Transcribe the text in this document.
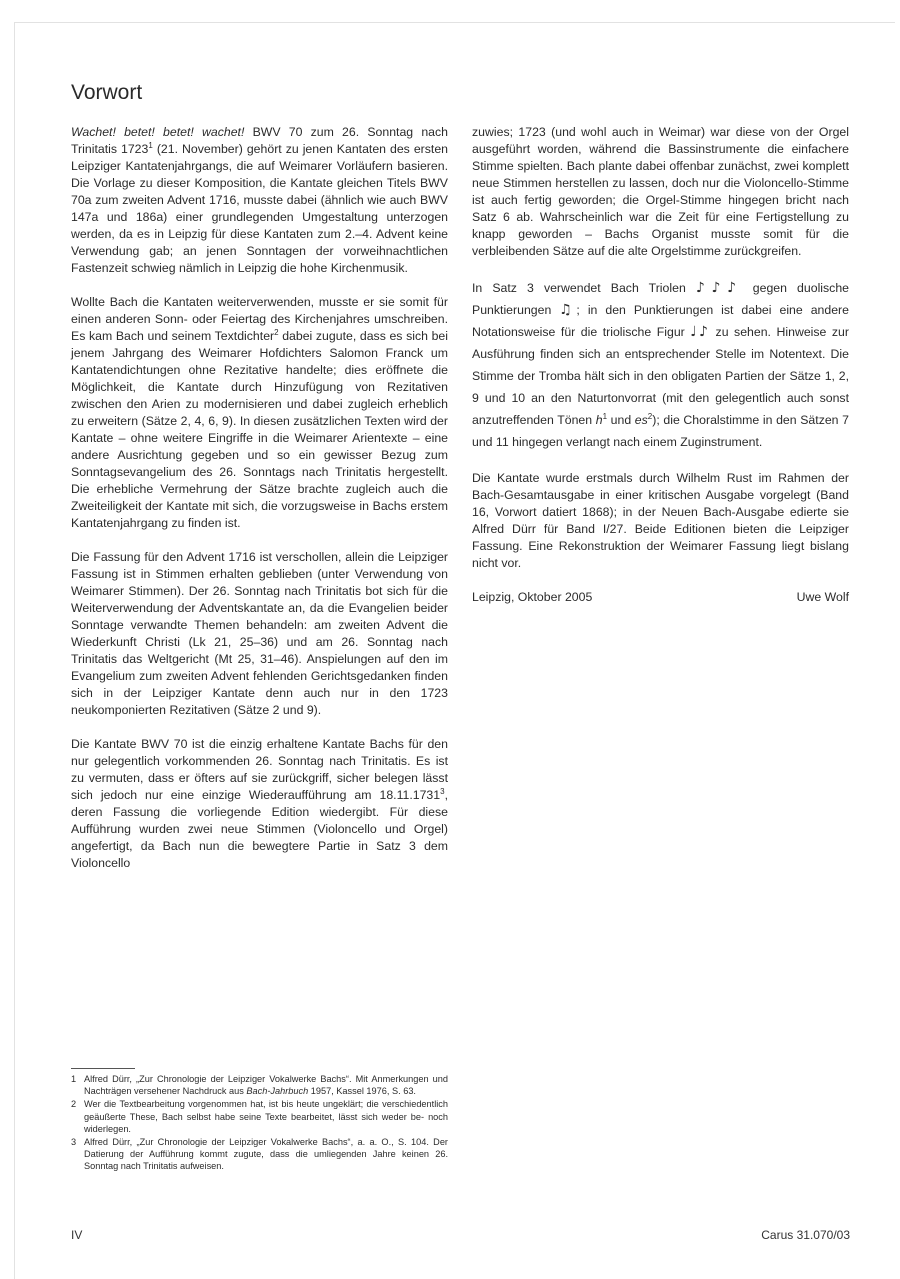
Vorwort

Wachet! betet! betet! wachet! BWV 70 zum 26. Sonntag nach Trinitatis 1723$^1$ (21. November) gehört zu jenen Kantaten des ersten Leipziger Kantatenjahrgangs, die auf Weimarer Vorläufern basieren. Die Vorlage zu dieser Komposition, die Kantate gleichen Titels BWV 70a zum zweiten Advent 1716, musste dabei (ähnlich wie auch BWV 147a und 186a) einer grundlegenden Umgestaltung unterzogen werden, da es in Leipzig für diese Kantaten zum 2.–4. Advent keine Verwendung gab; an jenen Sonntagen der vorweihnachtlichen Fastenzeit schwieg nämlich in Leipzig die hohe Kirchenmusik.

Wollte Bach die Kantaten weiterverwenden, musste er sie somit für einen anderen Sonn- oder Feiertag des Kirchenjahres umschreiben. Es kam Bach und seinem Textdichter$^2$ dabei zugute, dass es sich bei jenem Jahrgang des Weimarer Hofdichters Salomon Franck um Kantatendichtungen ohne Rezitative handelte; dies eröffnete die Möglichkeit, die Kantate durch Hinzufügung von Rezitativen zwischen den Arien zu modernisieren und dabei zugleich erheblich zu erweitern (Sätze 2, 4, 6, 9). In diesen zusätzlichen Texten wird der Kantate – ohne weitere Eingriffe in die Weimarer Arientexte – eine andere Ausrichtung gegeben und so ein gewisser Bezug zum Sonntagsevangelium des 26. Sonntags nach Trinitatis hergestellt. Die erhebliche Vermehrung der Sätze brachte zugleich auch die Zweiteiligkeit der Kantate mit sich, die vorzugsweise in Bachs erstem Kantatenjahrgang zu finden ist.

Die Fassung für den Advent 1716 ist verschollen, allein die Leipziger Fassung ist in Stimmen erhalten geblieben (unter Verwendung von Weimarer Stimmen). Der 26. Sonntag nach Trinitatis bot sich für die Weiterverwendung der Adventskantate an, da die Evangelien beider Sonntage verwandte Themen behandeln: am zweiten Advent die Wiederkunft Christi (Lk 21, 25–36) und am 26. Sonntag nach Trinitatis das Weltgericht (Mt 25, 31–46). Anspielungen auf den im Evangelium zum zweiten Advent fehlenden Gerichtsgedanken finden sich in der Leipziger Kantate denn auch nur in den 1723 neukomponierten Rezitativen (Sätze 2 und 9).

Die Kantate BWV 70 ist die einzig erhaltene Kantate Bachs für den nur gelegentlich vorkommenden 26. Sonntag nach Trinitatis. Es ist zu vermuten, dass er öfters auf sie zurückgriff, sicher belegen lässt sich jedoch nur eine einzige Wiederaufführung am 18.11.1731$^3$, deren Fassung die vorliegende Edition wiedergibt. Für diese Aufführung wurden zwei neue Stimmen (Violoncello und Orgel) angefertigt, da Bach nun die bewegtere Partie in Satz 3 dem Violoncello

zuwies; 1723 (und wohl auch in Weimar) war diese von der Orgel ausgeführt worden, während die Bassinstrumente die einfachere Stimme spielten. Bach plante dabei offenbar zunächst, zwei komplett neue Stimmen herstellen zu lassen, doch nur die Violoncello-Stimme ist auch fertig geworden; die Orgel-Stimme hingegen bricht nach Satz 6 ab. Wahrscheinlich war die Zeit für eine Fertigstellung zu knapp geworden – Bachs Organist musste somit für die verbleibenden Sätze auf die alte Orgelstimme zurückgreifen.

In Satz 3 verwendet Bach Triolen ♪♪♪ gegen duolische Punktierungen ♫; in den Punktierungen ist dabei eine andere Notationsweise für die triolische Figur ♩♪ zu sehen. Hinweise zur Ausführung finden sich an entsprechender Stelle im Notentext. Die Stimme der Tromba hält sich in den obligaten Partien der Sätze 1, 2, 9 und 10 an den Naturtonvorrat (mit den gelegentlich auch sonst anzutreffenden Tönen $h^1$ und $es^2$); die Choralstimme in den Sätzen 7 und 11 hingegen verlangt nach einem Zuginstrument.

Die Kantate wurde erstmals durch Wilhelm Rust im Rahmen der Bach-Gesamtausgabe in einer kritischen Ausgabe vorgelegt (Band 16, Vorwort datiert 1868); in der Neuen Bach-Ausgabe edierte sie Alfred Dürr für Band I/27. Beide Editionen bieten die Leipziger Fassung. Eine Rekonstruktion der Weimarer Fassung liegt bislang nicht vor.

Leipzig, Oktober 2005	Uwe Wolf

1 Alfred Dürr, „Zur Chronologie der Leipziger Vokalwerke Bachs“. Mit Anmerkungen und Nachträgen versehener Nachdruck aus Bach-Jahrbuch 1957, Kassel 1976, S. 63.
2 Wer die Textbearbeitung vorgenommen hat, ist bis heute ungeklärt; die verschiedentlich geäußerte These, Bach selbst habe seine Texte bearbeitet, lässt sich weder be- noch widerlegen.
3 Alfred Dürr, „Zur Chronologie der Leipziger Vokalwerke Bachs“, a. a. O., S. 104. Der Datierung der Aufführung kommt zugute, dass die umliegenden Jahre keinen 26. Sonntag nach Trinitatis aufweisen.
IV	Carus 31.070/03
